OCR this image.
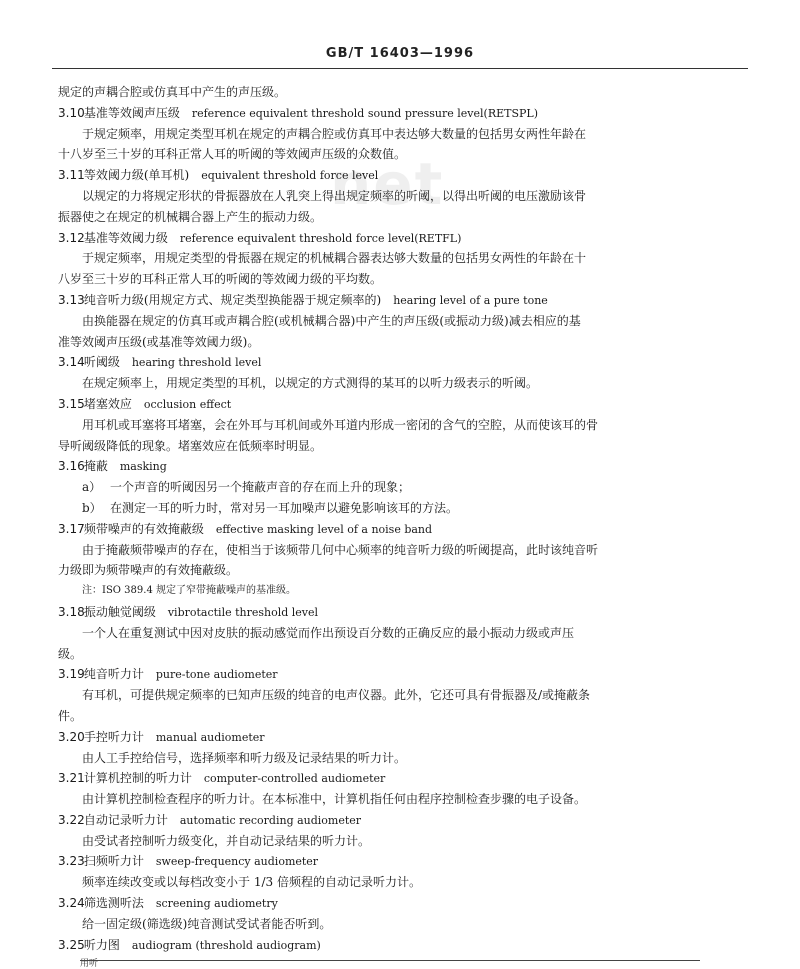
GB/T 16403—1996
net
规定的声耦合腔或仿真耳中产生的声压级。
3.10 基准等效阈声压级 reference equivalent threshold sound pressure level(RETSPL)
于规定频率，用规定类型耳机在规定的声耦合腔或仿真耳中表达够大数量的包括男女两性年龄在
十八岁至三十岁的耳科正常人耳的听阈的等效阈声压级的众数值。
3.11 等效阈力级(单耳机) equivalent threshold force level
以规定的力将规定形状的骨振器放在人乳突上得出规定频率的听阈，以得出听阈的电压激励该骨
振器使之在规定的机械耦合器上产生的振动力级。
3.12 基准等效阈力级 reference equivalent threshold force level(RETFL)
于规定频率，用规定类型的骨振器在规定的机械耦合器表达够大数量的包括男女两性的年龄在十
八岁至三十岁的耳科正常人耳的听阈的等效阈力级的平均数。
3.13 纯音听力级(用规定方式、规定类型换能器于规定频率的) hearing level of a pure tone
由换能器在规定的仿真耳或声耦合腔(或机械耦合器)中产生的声压级(或振动力级)减去相应的基
准等效阈声压级(或基准等效阈力级)。
3.14 听阈级 hearing threshold level
在规定频率上，用规定类型的耳机，以规定的方式测得的某耳的以听力级表示的听阈。
3.15 堵塞效应 occlusion effect
用耳机或耳塞将耳堵塞，会在外耳与耳机间或外耳道内形成一密闭的含气的空腔，从而使该耳的骨
导听阈级降低的现象。堵塞效应在低频率时明显。
3.16 掩蔽 masking
a） 一个声音的听阈因另一个掩蔽声音的存在而上升的现象；
b） 在测定一耳的听力时，常对另一耳加噪声以避免影响该耳的方法。
3.17 频带噪声的有效掩蔽级 effective masking level of a noise band
由于掩蔽频带噪声的存在，使相当于该频带几何中心频率的纯音听力级的听阈提高，此时该纯音听
力级即为频带噪声的有效掩蔽级。
注：ISO 389.4 规定了窄带掩蔽噪声的基准级。
3.18 振动触觉阈级 vibrotactile threshold level
一个人在重复测试中因对皮肤的振动感觉而作出预设百分数的正确反应的最小振动力级或声压
级。
3.19 纯音听力计 pure-tone audiometer
有耳机，可提供规定频率的已知声压级的纯音的电声仪器。此外，它还可具有骨振器及/或掩蔽条
件。
3.20 手控听力计 manual audiometer
由人工手控给信号，选择频率和听力级及记录结果的听力计。
3.21 计算机控制的听力计 computer-controlled audiometer
由计算机控制检查程序的听力计。在本标准中，计算机指任何由程序控制检查步骤的电子设备。
3.22 自动记录听力计 automatic recording audiometer
由受试者控制听力级变化，并自动记录结果的听力计。
3.23 扫频听力计 sweep-frequency audiometer
频率连续改变或以每档改变小于 1/3 倍频程的自动记录听力计。
3.24 筛选测听法 screening audiometry
给一固定级(筛选级)纯音测试受试者能否听到。
3.25 听力图 audiogram (threshold audiogram)
用听
